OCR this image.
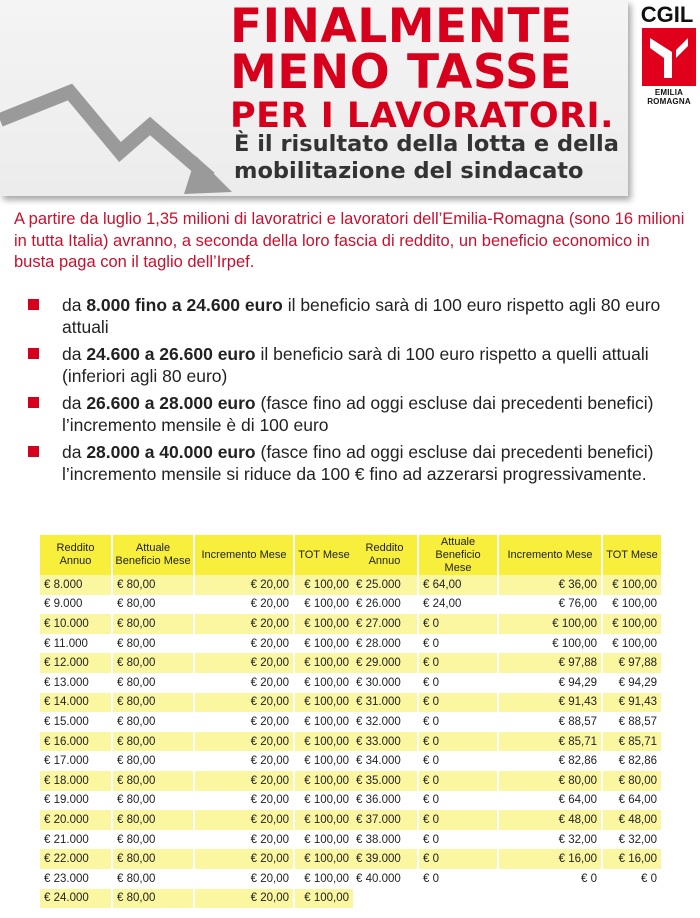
FINALMENTE
MENO TASSE
PER I LAVORATORI.
È il risultato della lotta e della
mobilitazione del sindacato
CGIL
EMILIA ROMAGNA

A partire da luglio 1,35 milioni di lavoratrici e lavoratori dell’Emilia-Romagna (sono 16 milioni in tutta Italia) avranno, a seconda della loro fascia di reddito, un beneficio economico in busta paga con il taglio dell’Irpef.

da 8.000 fino a 24.600 euro il beneficio sarà di 100 euro rispetto agli 80 euro attuali
da 24.600 a 26.600 euro il beneficio sarà di 100 euro rispetto a quelli attuali (inferiori agli 80 euro)
da 26.600 a 28.000 euro (fasce fino ad oggi escluse dai precedenti benefici) l’incremento mensile è di 100 euro
da 28.000 a 40.000 euro (fasce fino ad oggi escluse dai precedenti benefici) l’incremento mensile si riduce da 100 € fino ad azzerarsi progressivamente.
Reddito Annuo	Attuale Beneficio Mese	Incremento Mese	TOT Mese
€ 8.000	€ 80,00	€ 20,00	€ 100,00
€ 9.000	€ 80,00	€ 20,00	€ 100,00
€ 10.000	€ 80,00	€ 20,00	€ 100,00
€ 11.000	€ 80,00	€ 20,00	€ 100,00
€ 12.000	€ 80,00	€ 20,00	€ 100,00
€ 13.000	€ 80,00	€ 20,00	€ 100,00
€ 14.000	€ 80,00	€ 20,00	€ 100,00
€ 15.000	€ 80,00	€ 20,00	€ 100,00
€ 16.000	€ 80,00	€ 20,00	€ 100,00
€ 17.000	€ 80,00	€ 20,00	€ 100,00
€ 18.000	€ 80,00	€ 20,00	€ 100,00
€ 19.000	€ 80,00	€ 20,00	€ 100,00
€ 20.000	€ 80,00	€ 20,00	€ 100,00
€ 21.000	€ 80,00	€ 20,00	€ 100,00
€ 22.000	€ 80,00	€ 20,00	€ 100,00
€ 23.000	€ 80,00	€ 20,00	€ 100,00
€ 24.000	€ 80,00	€ 20,00	€ 100,00
Reddito Annuo	Attuale Beneficio Mese	Incremento Mese	TOT Mese
€ 25.000	€ 64,00	€ 36,00	€ 100,00
€ 26.000	€ 24,00	€ 76,00	€ 100,00
€ 27.000	€ 0	€ 100,00	€ 100,00
€ 28.000	€ 0	€ 100,00	€ 100,00
€ 29.000	€ 0	€ 97,88	€ 97,88
€ 30.000	€ 0	€ 94,29	€ 94,29
€ 31.000	€ 0	€ 91,43	€ 91,43
€ 32.000	€ 0	€ 88,57	€ 88,57
€ 33.000	€ 0	€ 85,71	€ 85,71
€ 34.000	€ 0	€ 82,86	€ 82,86
€ 35.000	€ 0	€ 80,00	€ 80,00
€ 36.000	€ 0	€ 64,00	€ 64,00
€ 37.000	€ 0	€ 48,00	€ 48,00
€ 38.000	€ 0	€ 32,00	€ 32,00
€ 39.000	€ 0	€ 16,00	€ 16,00
€ 40.000	€ 0	€ 0	€ 0
